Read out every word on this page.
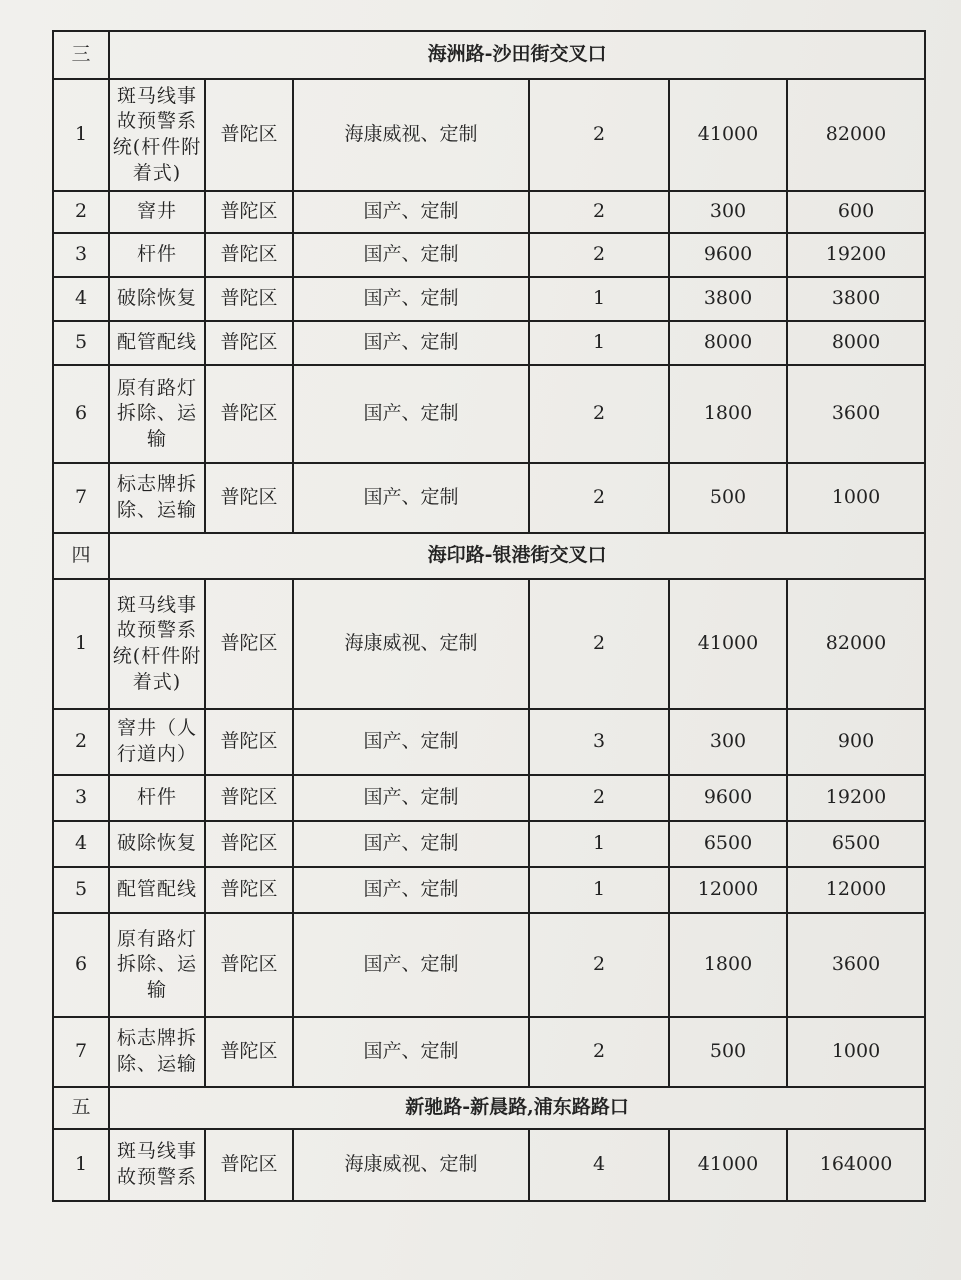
三	海洲路-沙田街交叉口					
1	斑马线事故预警系统(杆件附着式)	普陀区	海康威视、定制	2	41000	82000
2	窨井	普陀区	国产、定制	2	300	600
3	杆件	普陀区	国产、定制	2	9600	19200
4	破除恢复	普陀区	国产、定制	1	3800	3800
5	配管配线	普陀区	国产、定制	1	8000	8000
6	原有路灯拆除、运输	普陀区	国产、定制	2	1800	3600
7	标志牌拆除、运输	普陀区	国产、定制	2	500	1000
四	海印路-银港街交叉口					
1	斑马线事故预警系统(杆件附着式)	普陀区	海康威视、定制	2	41000	82000
2	窨井（人行道内）	普陀区	国产、定制	3	300	900
3	杆件	普陀区	国产、定制	2	9600	19200
4	破除恢复	普陀区	国产、定制	1	6500	6500
5	配管配线	普陀区	国产、定制	1	12000	12000
6	原有路灯拆除、运输	普陀区	国产、定制	2	1800	3600
7	标志牌拆除、运输	普陀区	国产、定制	2	500	1000
五	新驰路-新晨路,浦东路路口					
1	斑马线事故预警系	普陀区	海康威视、定制	4	41000	164000
